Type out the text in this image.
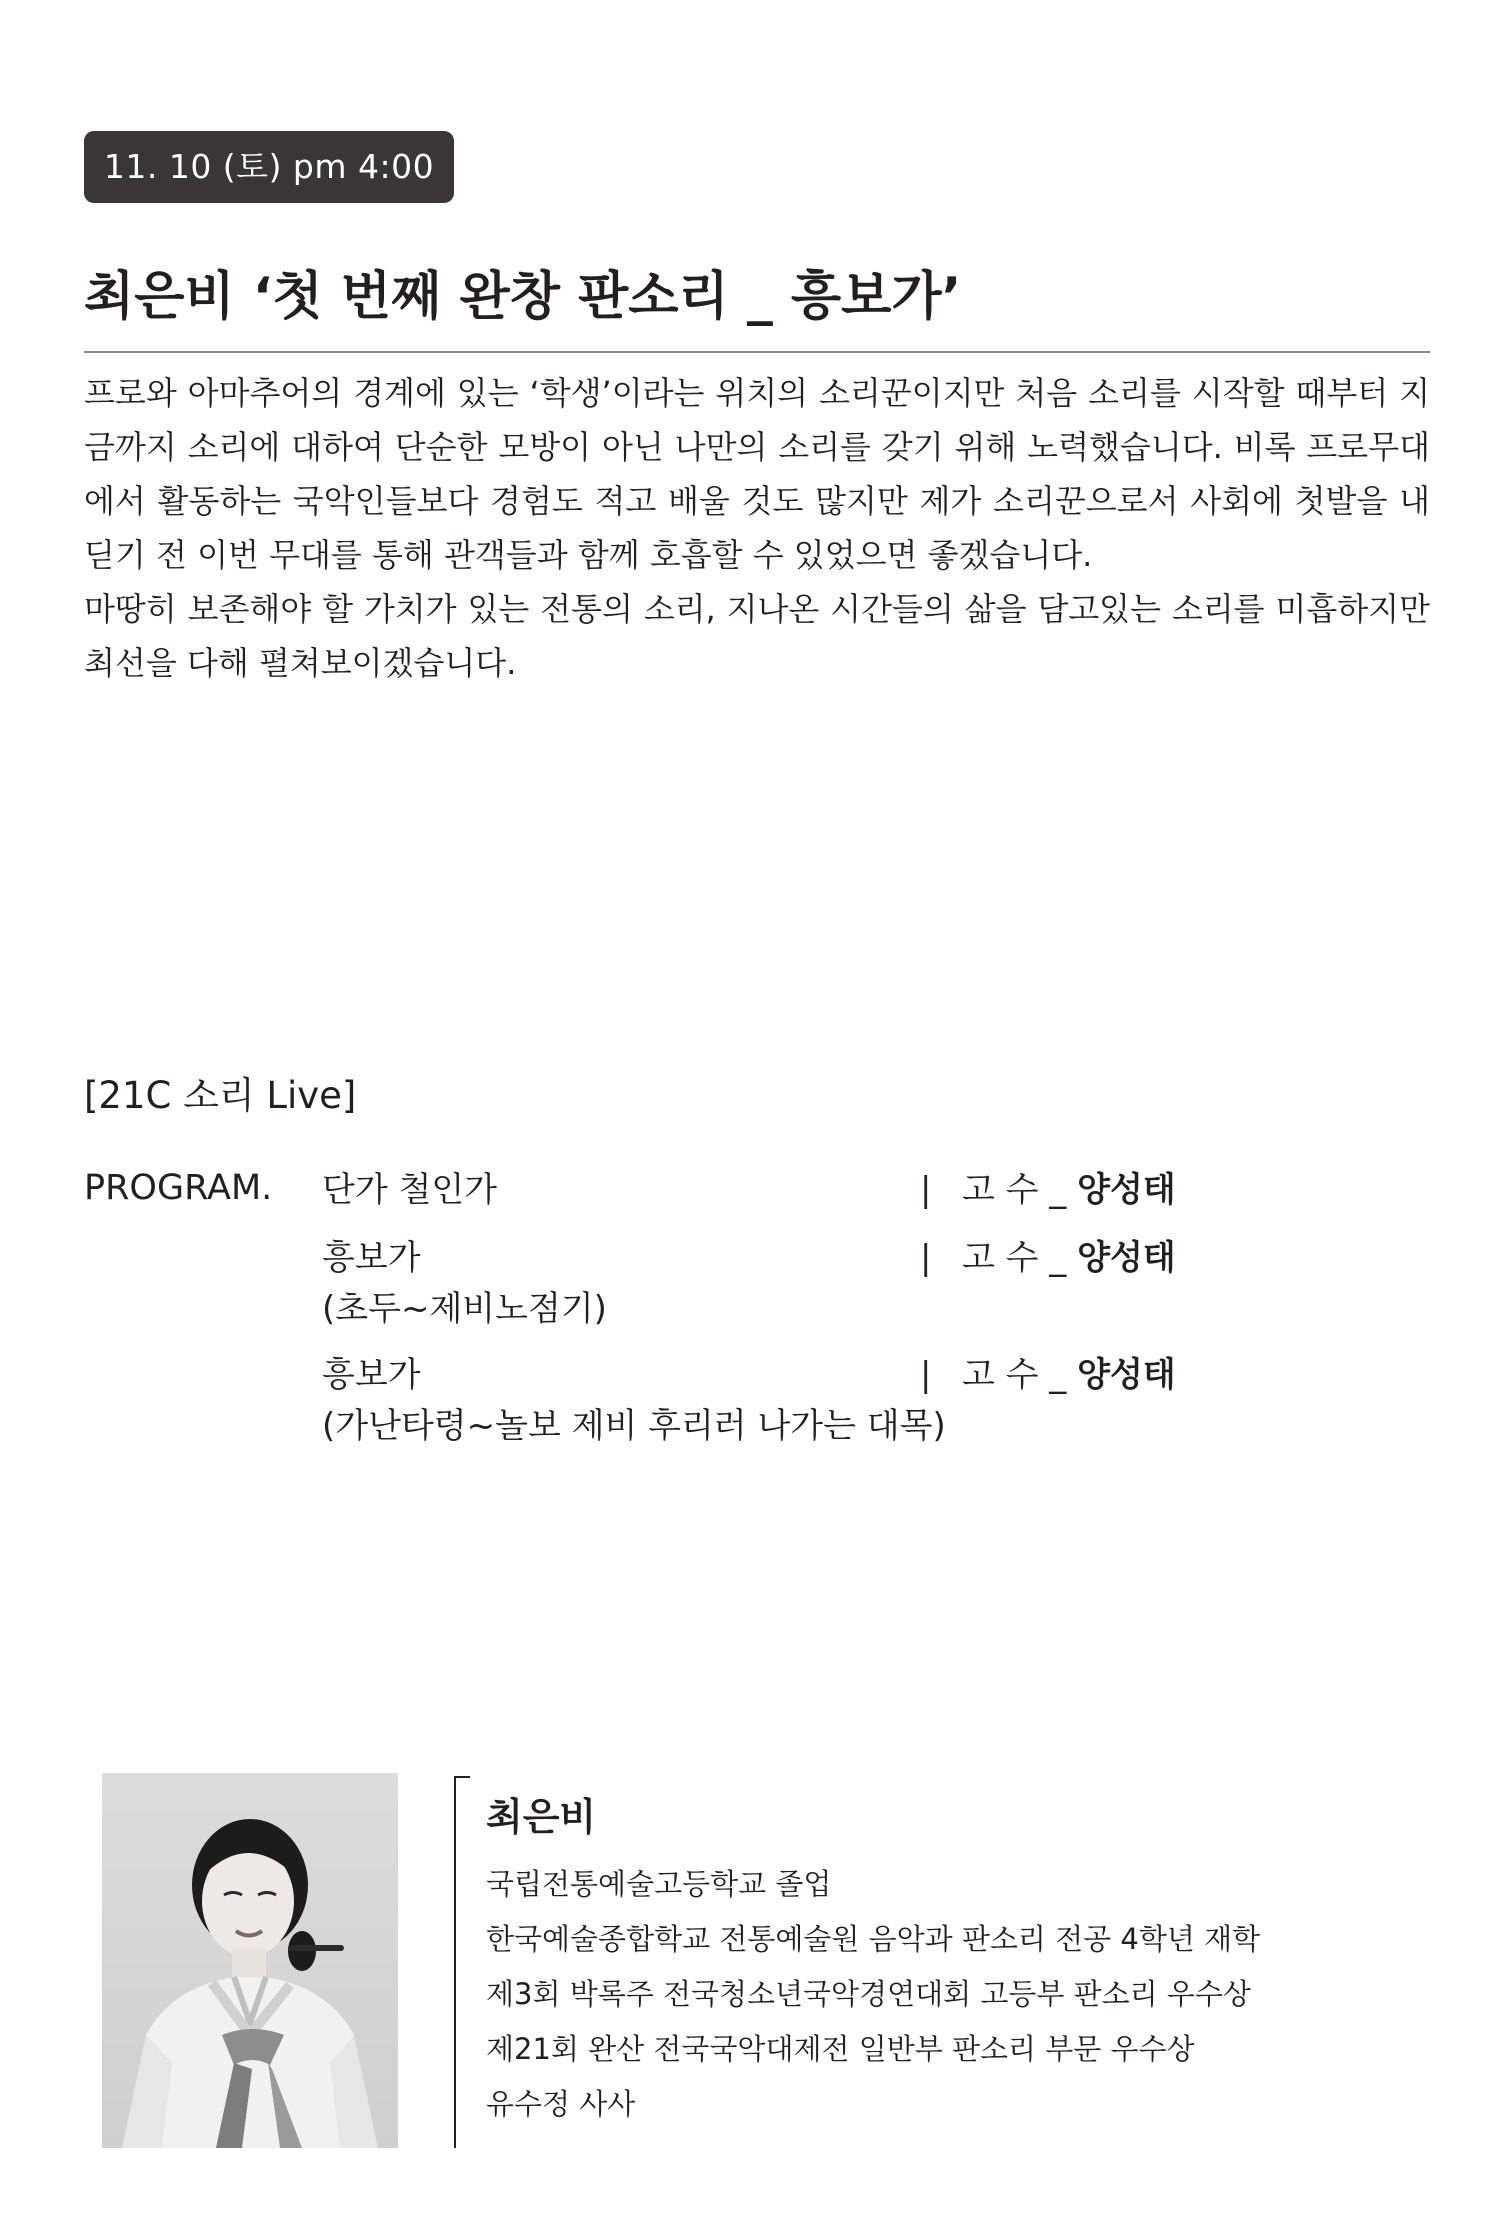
11. 10 (토) pm 4:00
최은비 ‘첫 번째 완창 판소리 _ 흥보가’

프로와 아마추어의 경계에 있는 ‘학생’이라는 위치의 소리꾼이지만 처음 소리를 시작할 때부터 지금까지 소리에 대하여 단순한 모방이 아닌 나만의 소리를 갖기 위해 노력했습니다. 비록 프로무대에서 활동하는 국악인들보다 경험도 적고 배울 것도 많지만 제가 소리꾼으로서 사회에 첫발을 내딛기 전 이번 무대를 통해 관객들과 함께 호흡할 수 있었으면 좋겠습니다.

마땅히 보존해야 할 가치가 있는 전통의 소리, 지나온 시간들의 삶을 담고있는 소리를 미흡하지만 최선을 다해 펼쳐보이겠습니다.

[21C 소리 Live]
PROGRAM. 단가 철인가	| 고 수 _ 양성태
흥보가
(초두~제비노점기)
| 고 수 _ 양성태
흥보가
(가난타령~놀보 제비 후리러 나가는 대목)
| 고 수 _ 양성태
최은비
국립전통예술고등학교 졸업
한국예술종합학교 전통예술원 음악과 판소리 전공 4학년 재학
제3회 박록주 전국청소년국악경연대회 고등부 판소리 우수상
제21회 완산 전국국악대제전 일반부 판소리 부문 우수상
유수정 사사
